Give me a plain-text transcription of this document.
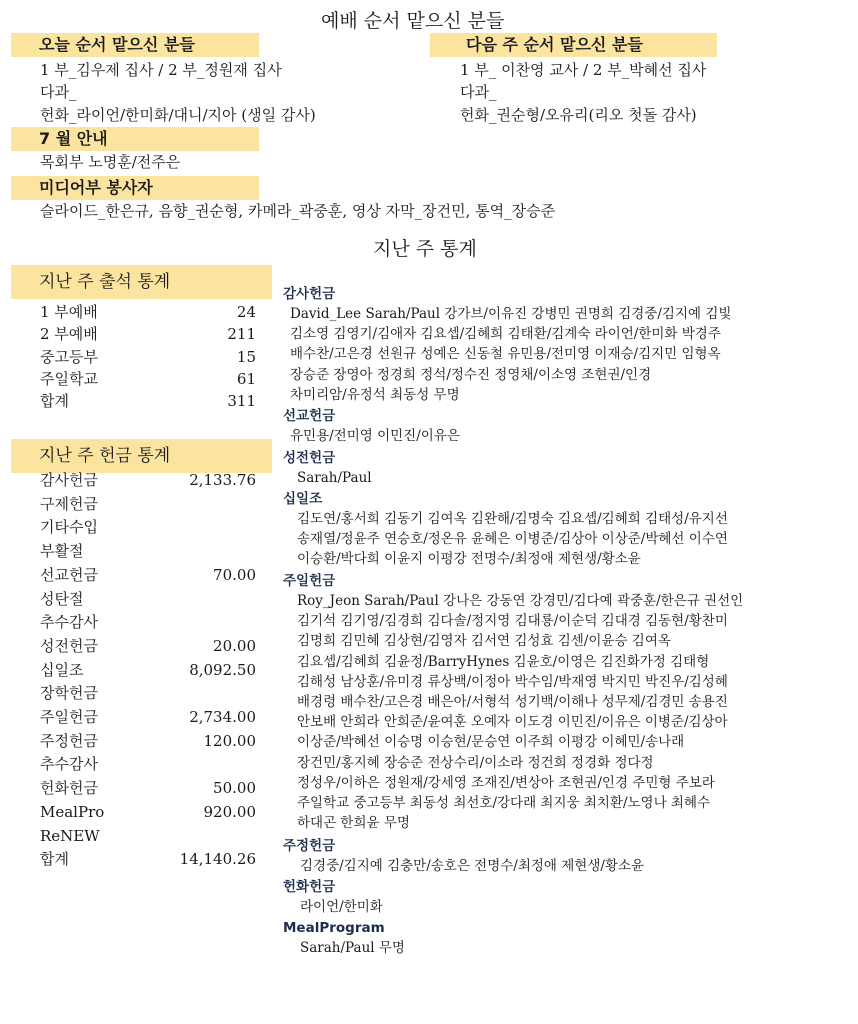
예배 순서 맡으신 분들
오늘 순서 맡으신 분들
1 부_김우제 집사 / 2 부_정원재 집사
다과_
헌화_라이언/한미화/대니/지아 (생일 감사)
다음 주 순서 맡으신 분들
1 부_ 이찬영 교사 / 2 부_박혜선 집사
다과_
헌화_권순형/오유리(리오 첫돌 감사)
7 월 안내
목회부 노명훈/전주은
미디어부 봉사자
슬라이드_한은규, 음향_권순형, 카메라_곽중훈, 영상 자막_장건민, 통역_장승준
지난 주 통계
지난 주 출석 통계
1 부예배	24
2 부예배	211
중고등부	15
주일학교	61
합계	311
지난 주 헌금 통계
감사헌금	2,133.76
구제헌금
기타수입
부활절
선교헌금	70.00
성탄절
추수감사
성전헌금	20.00
십일조	8,092.50
장학헌금
주일헌금	2,734.00
주정헌금	120.00
추수감사
헌화헌금	50.00
MealPro	920.00
ReNEW
합계	14,140.26
감사헌금
David_Lee Sarah/Paul 강가브/이유진 강병민 권명희 김경중/김지예 김빛
김소영 김영기/김애자 김요셉/김혜희 김태환/김계숙 라이언/한미화 박경주
배수찬/고은경 선원규 성예은 신동철 유민용/전미영 이재승/김지민 임형옥
장승준 장영아 정경희 정석/정수진 정영채/이소영 조현권/인경
차미리암/유정석 최동성 무명
선교헌금
유민용/전미영 이민진/이유은
성전헌금
Sarah/Paul
십일조
김도연/홍서희 김동기 김여옥 김완해/김명숙 김요셉/김혜희 김태성/유지선
송재열/정윤주 연승호/정온유 윤혜은 이병준/김상아 이상준/박혜선 이수연
이승환/박다희 이윤지 이평강 전명수/최정애 제현생/황소윤
주일헌금
Roy_Jeon Sarah/Paul 강나은 강동연 강경민/김다예 곽중훈/한은규 권선인
김기석 김기영/김경희 김다솔/정지영 김대룡/이순덕 김대경 김동현/황찬미
김명희 김민혜 김상현/김영자 김서연 김성효 김센/이윤승 김여옥
김요셉/김혜희 김윤정/BarryHynes 김윤호/이영은 김진화가정 김태형
김해성 남상훈/유미경 류상백/이정아 박수임/박재영 박지민 박진우/김성혜
배경령 배수찬/고은경 배은아/서형석 성기백/이해나 성무제/김경민 송용진
안보배 안희라 안희준/윤여훈 오예자 이도경 이민진/이유은 이병준/김상아
이상준/박혜선 이승명 이승현/문승연 이주희 이평강 이혜민/송나래
장건민/홍지혜 장승준 전상수리/이소라 정건희 정경화 정다정
정성우/이하은 정원재/강세영 조재진/변상아 조현권/인경 주민형 주보라
주일학교 중고등부 최동성 최선호/강다래 최지웅 최치환/노영나 최혜수
하대곤 한희윤 무명
주정헌금
김경중/김지예 김충만/송호은 전명수/최정애 제현생/황소윤
헌화헌금
라이언/한미화
MealProgram
Sarah/Paul 무명
